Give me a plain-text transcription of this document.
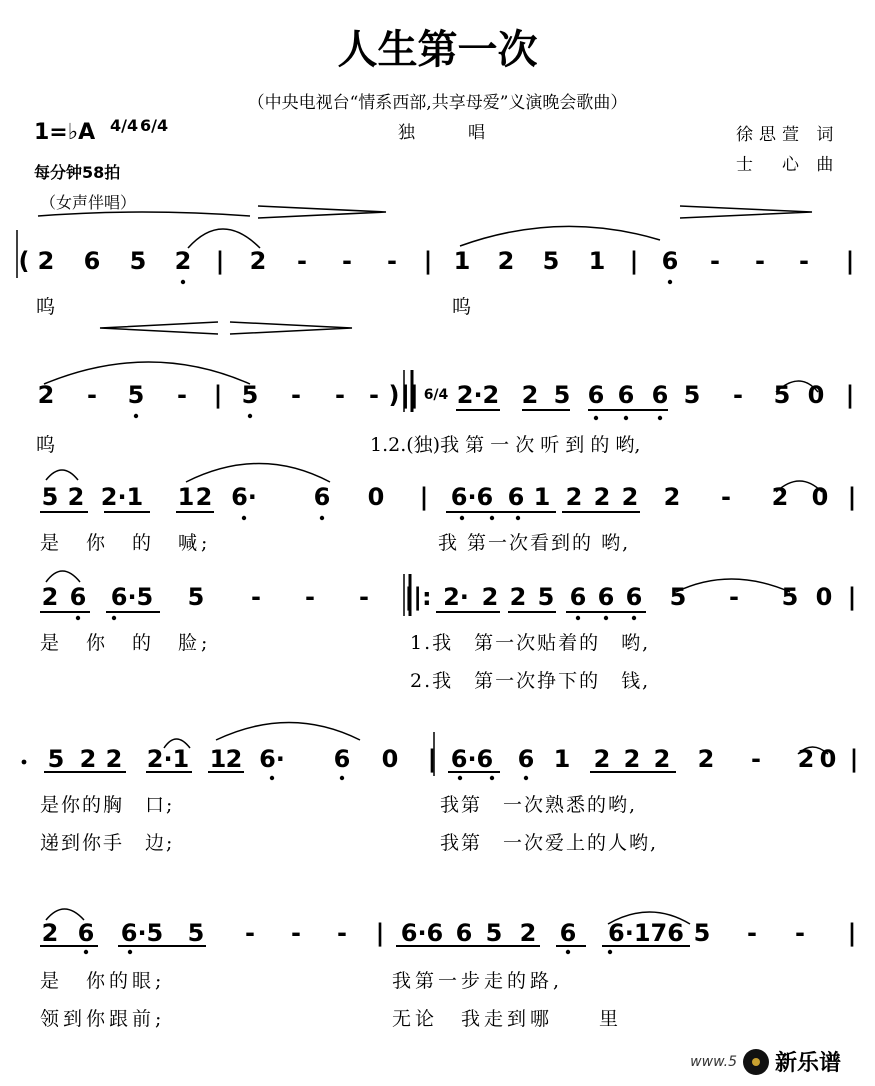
人生第一次
（中央电视台“情系西部,共享母爱”义演晚会歌曲）
独　唱	徐思萱 词
士　心 曲
1=♭A 4/4 6/4
每分钟58拍
（女声伴唱）
( 2 6 5 2 | 2 - - - | 1 2 5 1 | 6 - - - |
呜	呜
2 - 5 - | 5 - - - ) || 6/4 2·2 2 5 6 6 6 5 - 5 0 |
呜	1.2.(独)我 第 一 次 听 到 的 哟,
5 2 2·1 1 2 6· 6 0 | 6·6 6 1 2 2 2 2 - 2 0 |
是　你　的　喊;	我 第一次看到的 哟,
2 6 6·5 5 - - - ||: 2· 2 2 5 6 6 6 5 - 5 0 |
是　你　的　脸;	1.我　第一次贴着的　哟,
2.我　第一次挣下的　钱,
5 2 2 2·1 1 2 6· 6 0 | 6·6 6 1 2 2 2 2 - 2 0 |
是你的胸　口;	我第　一次熟悉的哟,
递到你手　边;	我第　一次爱上的人哟,
2 6 6·5 5 - - - | 6·6 6 5 2 6 6·176 5 - - |
是　你的眼;	我第一步走的路,
领到你跟前;	无论　我走到哪　　里
www.5 新乐谱
